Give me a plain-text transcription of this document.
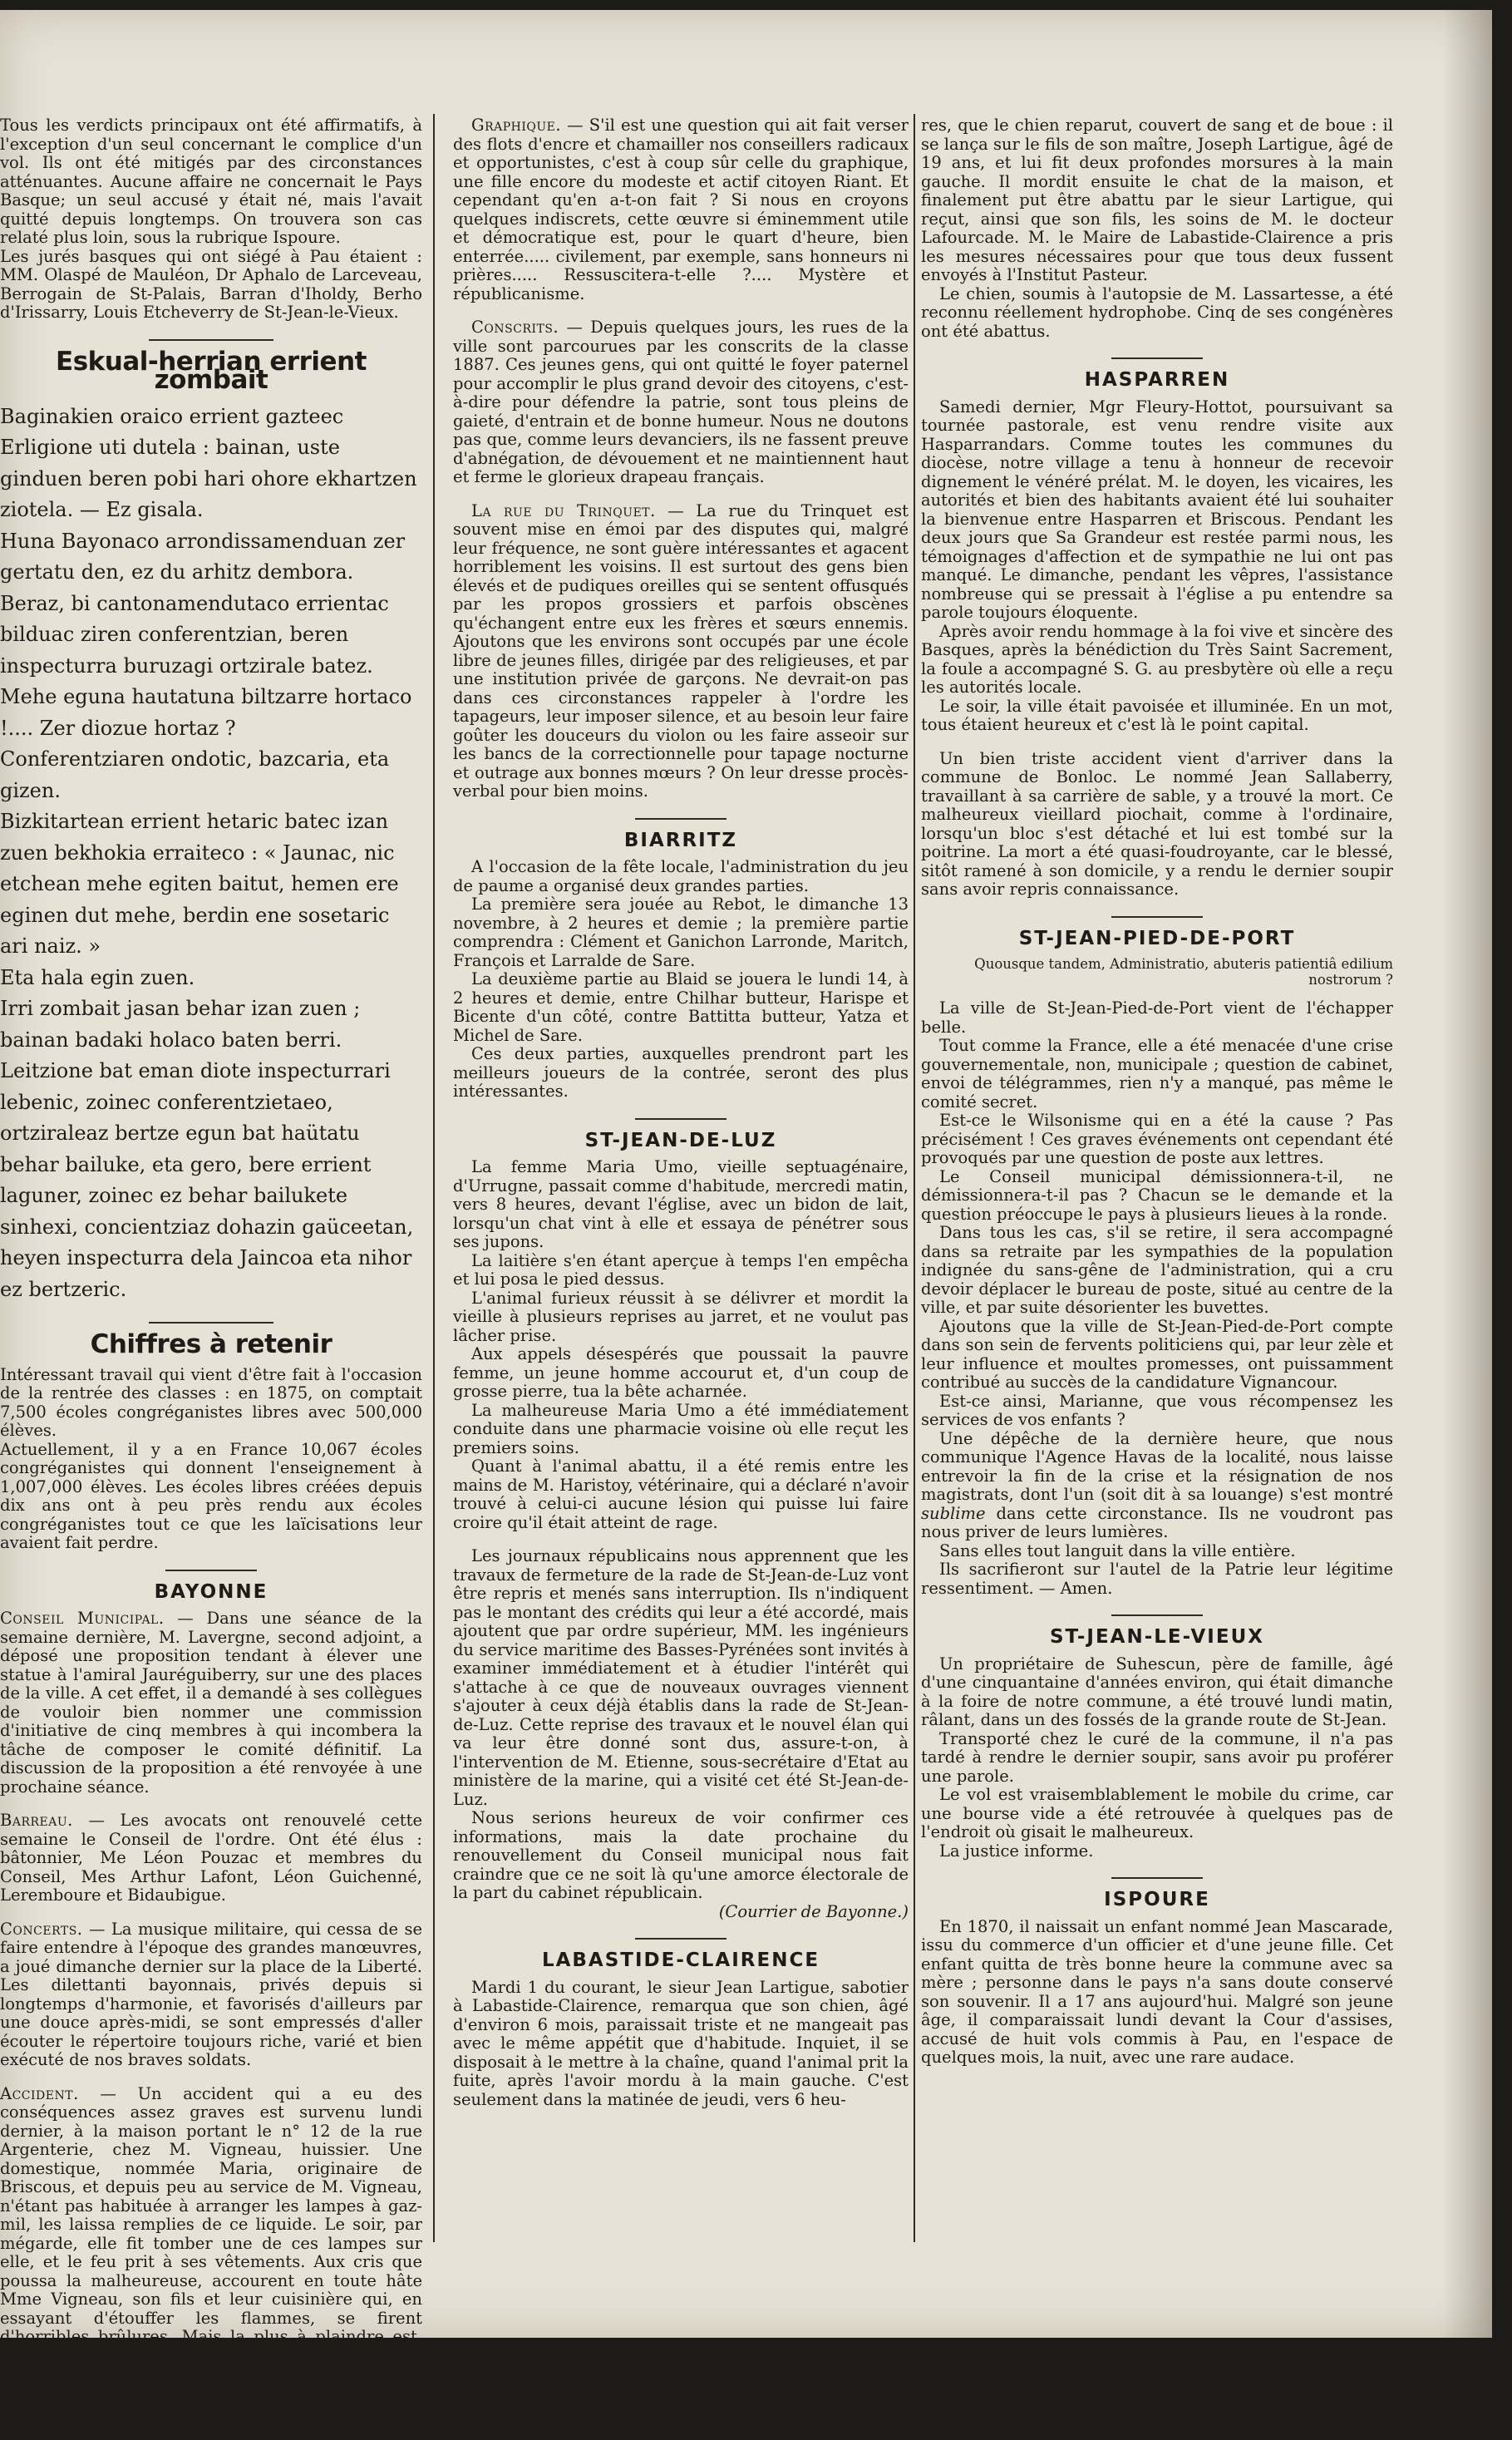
Tous les verdicts principaux ont été affirmatifs, à l'exception d'un seul concernant le complice d'un vol. Ils ont été mitigés par des circonstances atténuantes. Aucune affaire ne concernait le Pays Basque; un seul accusé y était né, mais l'avait quitté depuis longtemps. On trouvera son cas relaté plus loin, sous la rubrique Ispoure.

Les jurés basques qui ont siégé à Pau étaient : MM. Olaspé de Mauléon, Dr Aphalo de Larceveau, Berrogain de St-Palais, Barran d'Iholdy, Berho d'Irissarry, Louis Etcheverry de St-Jean-le-Vieux.

Eskual-herrian errient zombait

Baginakien oraico errient gazteec Erligione uti dutela : bainan, uste ginduen beren pobi hari ohore ekhartzen ziotela. — Ez gisala.

Huna Bayonaco arrondissamenduan zer gertatu den, ez du arhitz dembora.

Beraz, bi cantonamendutaco errientac bilduac ziren conferentzian, beren inspecturra buruzagi ortzirale batez. Mehe eguna hautatuna biltzarre hortaco !.... Zer diozue hortaz ?

Conferentziaren ondotic, bazcaria, eta gizen.

Bizkitartean errient hetaric batec izan zuen bekhokia erraiteco : « Jaunac, nic etchean mehe egiten baitut, hemen ere eginen dut mehe, berdin ene sosetaric ari naiz. »

Eta hala egin zuen.

Irri zombait jasan behar izan zuen ; bainan badaki holaco baten berri.

Leitzione bat eman diote inspecturrari lebenic, zoinec conferentzietaeo, ortziraleaz bertze egun bat haütatu behar bailuke, eta gero, bere errient laguner, zoinec ez behar bailukete sinhexi, concientziaz dohazin gaüceetan, heyen inspecturra dela Jaincoa eta nihor ez bertzeric.

Chiffres à retenir

Intéressant travail qui vient d'être fait à l'occasion de la rentrée des classes : en 1875, on comptait 7,500 écoles congréganistes libres avec 500,000 élèves.

Actuellement, il y a en France 10,067 écoles congréganistes qui donnent l'enseignement à 1,007,000 élèves. Les écoles libres créées depuis dix ans ont à peu près rendu aux écoles congréganistes tout ce que les laïcisations leur avaient fait perdre.

BAYONNE

Conseil Municipal. — Dans une séance de la semaine dernière, M. Lavergne, second adjoint, a déposé une proposition tendant à élever une statue à l'amiral Jauréguiberry, sur une des places de la ville. A cet effet, il a demandé à ses collègues de vouloir bien nommer une commission d'initiative de cinq membres à qui incombera la tâche de composer le comité définitif. La discussion de la proposition a été renvoyée à une prochaine séance.

Barreau. — Les avocats ont renouvelé cette semaine le Conseil de l'ordre. Ont été élus : bâtonnier, Me Léon Pouzac et membres du Conseil, Mes Arthur Lafont, Léon Guichenné, Leremboure et Bidaubigue.

Concerts. — La musique militaire, qui cessa de se faire entendre à l'époque des grandes manœuvres, a joué dimanche dernier sur la place de la Liberté. Les dilettanti bayonnais, privés depuis si longtemps d'harmonie, et favorisés d'ailleurs par une douce après-midi, se sont empressés d'aller écouter le répertoire toujours riche, varié et bien exécuté de nos braves soldats.

Accident. — Un accident qui a eu des conséquences assez graves est survenu lundi dernier, à la maison portant le n° 12 de la rue Argenterie, chez M. Vigneau, huissier. Une domestique, nommée Maria, originaire de Briscous, et depuis peu au service de M. Vigneau, n'étant pas habituée à arranger les lampes à gaz-mil, les laissa remplies de ce liquide. Le soir, par mégarde, elle fit tomber une de ces lampes sur elle, et le feu prit à ses vêtements. Aux cris que poussa la malheureuse, accourent en toute hâte Mme Vigneau, son fils et leur cuisinière qui, en essayant d'étouffer les flammes, se firent d'horribles brûlures. Mais la plus à plaindre est, sans contredit, la pauvre Maria qui avait les bras, les jambes, les cuisses et le bas-ventre entièrement brûlés. M. le docteur Batbedat et M. Campan ont donné leurs premiers soins aux quatre blessés. L'état de la bonne est, dit-on, désespéré.

Graphique. — S'il est une question qui ait fait verser des flots d'encre et chamailler nos conseillers radicaux et opportunistes, c'est à coup sûr celle du graphique, une fille encore du modeste et actif citoyen Riant. Et cependant qu'en a-t-on fait ? Si nous en croyons quelques indiscrets, cette œuvre si éminemment utile et démocratique est, pour le quart d'heure, bien enterrée..... civilement, par exemple, sans honneurs ni prières..... Ressuscitera-t-elle ?.... Mystère et républicanisme.

Conscrits. — Depuis quelques jours, les rues de la ville sont parcourues par les conscrits de la classe 1887. Ces jeunes gens, qui ont quitté le foyer paternel pour accomplir le plus grand devoir des citoyens, c'est-à-dire pour défendre la patrie, sont tous pleins de gaieté, d'entrain et de bonne humeur. Nous ne doutons pas que, comme leurs devanciers, ils ne fassent preuve d'abnégation, de dévouement et ne maintiennent haut et ferme le glorieux drapeau français.

La rue du Trinquet. — La rue du Trinquet est souvent mise en émoi par des disputes qui, malgré leur fréquence, ne sont guère intéressantes et agacent horriblement les voisins. Il est surtout des gens bien élevés et de pudiques oreilles qui se sentent offusqués par les propos grossiers et parfois obscènes qu'échangent entre eux les frères et sœurs ennemis. Ajoutons que les environs sont occupés par une école libre de jeunes filles, dirigée par des religieuses, et par une institution privée de garçons. Ne devrait-on pas dans ces circonstances rappeler à l'ordre les tapageurs, leur imposer silence, et au besoin leur faire goûter les douceurs du violon ou les faire asseoir sur les bancs de la correctionnelle pour tapage nocturne et outrage aux bonnes mœurs ? On leur dresse procès-verbal pour bien moins.

BIARRITZ

A l'occasion de la fête locale, l'administration du jeu de paume a organisé deux grandes parties.

La première sera jouée au Rebot, le dimanche 13 novembre, à 2 heures et demie ; la première partie comprendra : Clément et Ganichon Larronde, Maritch, François et Larralde de Sare.

La deuxième partie au Blaid se jouera le lundi 14, à 2 heures et demie, entre Chilhar butteur, Harispe et Bicente d'un côté, contre Battitta butteur, Yatza et Michel de Sare.

Ces deux parties, auxquelles prendront part les meilleurs joueurs de la contrée, seront des plus intéressantes.

ST-JEAN-DE-LUZ

La femme Maria Umo, vieille septuagénaire, d'Urrugne, passait comme d'habitude, mercredi matin, vers 8 heures, devant l'église, avec un bidon de lait, lorsqu'un chat vint à elle et essaya de pénétrer sous ses jupons.

La laitière s'en étant aperçue à temps l'en empêcha et lui posa le pied dessus.

L'animal furieux réussit à se délivrer et mordit la vieille à plusieurs reprises au jarret, et ne voulut pas lâcher prise.

Aux appels désespérés que poussait la pauvre femme, un jeune homme accourut et, d'un coup de grosse pierre, tua la bête acharnée.

La malheureuse Maria Umo a été immédiatement conduite dans une pharmacie voisine où elle reçut les premiers soins.

Quant à l'animal abattu, il a été remis entre les mains de M. Haristoy, vétérinaire, qui a déclaré n'avoir trouvé à celui-ci aucune lésion qui puisse lui faire croire qu'il était atteint de rage.

Les journaux républicains nous apprennent que les travaux de fermeture de la rade de St-Jean-de-Luz vont être repris et menés sans interruption. Ils n'indiquent pas le montant des crédits qui leur a été accordé, mais ajoutent que par ordre supérieur, MM. les ingénieurs du service maritime des Basses-Pyrénées sont invités à examiner immédiatement et à étudier l'intérêt qui s'attache à ce que de nouveaux ouvrages viennent s'ajouter à ceux déjà établis dans la rade de St-Jean-de-Luz. Cette reprise des travaux et le nouvel élan qui va leur être donné sont dus, assure-t-on, à l'intervention de M. Etienne, sous-secrétaire d'Etat au ministère de la marine, qui a visité cet été St-Jean-de-Luz.

Nous serions heureux de voir confirmer ces informations, mais la date prochaine du renouvellement du Conseil municipal nous fait craindre que ce ne soit là qu'une amorce électorale de la part du cabinet républicain.

(Courrier de Bayonne.)
LABASTIDE-CLAIRENCE

Mardi 1 du courant, le sieur Jean Lartigue, sabotier à Labastide-Clairence, remarqua que son chien, âgé d'environ 6 mois, paraissait triste et ne mangeait pas avec le même appétit que d'habitude. Inquiet, il se disposait à le mettre à la chaîne, quand l'animal prit la fuite, après l'avoir mordu à la main gauche. C'est seulement dans la matinée de jeudi, vers 6 heu-

res, que le chien reparut, couvert de sang et de boue : il se lança sur le fils de son maître, Joseph Lartigue, âgé de 19 ans, et lui fit deux profondes morsures à la main gauche. Il mordit ensuite le chat de la maison, et finalement put être abattu par le sieur Lartigue, qui reçut, ainsi que son fils, les soins de M. le docteur Lafourcade. M. le Maire de Labastide-Clairence a pris les mesures nécessaires pour que tous deux fussent envoyés à l'Institut Pasteur.

Le chien, soumis à l'autopsie de M. Lassartesse, a été reconnu réellement hydrophobe. Cinq de ses congénères ont été abattus.

HASPARREN

Samedi dernier, Mgr Fleury-Hottot, poursuivant sa tournée pastorale, est venu rendre visite aux Hasparrandars. Comme toutes les communes du diocèse, notre village a tenu à honneur de recevoir dignement le vénéré prélat. M. le doyen, les vicaires, les autorités et bien des habitants avaient été lui souhaiter la bienvenue entre Hasparren et Briscous. Pendant les deux jours que Sa Grandeur est restée parmi nous, les témoignages d'affection et de sympathie ne lui ont pas manqué. Le dimanche, pendant les vêpres, l'assistance nombreuse qui se pressait à l'église a pu entendre sa parole toujours éloquente.

Après avoir rendu hommage à la foi vive et sincère des Basques, après la bénédiction du Très Saint Sacrement, la foule a accompagné S. G. au presbytère où elle a reçu les autorités locale.

Le soir, la ville était pavoisée et illuminée. En un mot, tous étaient heureux et c'est là le point capital.

Un bien triste accident vient d'arriver dans la commune de Bonloc. Le nommé Jean Sallaberry, travaillant à sa carrière de sable, y a trouvé la mort. Ce malheureux vieillard piochait, comme à l'ordinaire, lorsqu'un bloc s'est détaché et lui est tombé sur la poitrine. La mort a été quasi-foudroyante, car le blessé, sitôt ramené à son domicile, y a rendu le dernier soupir sans avoir repris connaissance.

ST-JEAN-PIED-DE-PORT
Quousque tandem, Administratio, abuteris patientiâ edilium nostrorum ?

La ville de St-Jean-Pied-de-Port vient de l'échapper belle.

Tout comme la France, elle a été menacée d'une crise gouvernementale, non, municipale ; question de cabinet, envoi de télégrammes, rien n'y a manqué, pas même le comité secret.

Est-ce le Wilsonisme qui en a été la cause ? Pas précisément ! Ces graves événements ont cependant été provoqués par une question de poste aux lettres.

Le Conseil municipal démissionnera-t-il, ne démissionnera-t-il pas ? Chacun se le demande et la question préoccupe le pays à plusieurs lieues à la ronde.

Dans tous les cas, s'il se retire, il sera accompagné dans sa retraite par les sympathies de la population indignée du sans-gêne de l'administration, qui a cru devoir déplacer le bureau de poste, situé au centre de la ville, et par suite désorienter les buvettes.

Ajoutons que la ville de St-Jean-Pied-de-Port compte dans son sein de fervents politiciens qui, par leur zèle et leur influence et moultes promesses, ont puissamment contribué au succès de la candidature Vignancour.

Est-ce ainsi, Marianne, que vous récompensez les services de vos enfants ?

Une dépêche de la dernière heure, que nous communique l'Agence Havas de la localité, nous laisse entrevoir la fin de la crise et la résignation de nos magistrats, dont l'un (soit dit à sa louange) s'est montré sublime dans cette circonstance. Ils ne voudront pas nous priver de leurs lumières.

Sans elles tout languit dans la ville entière.

Ils sacrifieront sur l'autel de la Patrie leur légitime ressentiment. — Amen.

ST-JEAN-LE-VIEUX

Un propriétaire de Suhescun, père de famille, âgé d'une cinquantaine d'années environ, qui était dimanche à la foire de notre commune, a été trouvé lundi matin, râlant, dans un des fossés de la grande route de St-Jean.

Transporté chez le curé de la commune, il n'a pas tardé à rendre le dernier soupir, sans avoir pu proférer une parole.

Le vol est vraisemblablement le mobile du crime, car une bourse vide a été retrouvée à quelques pas de l'endroit où gisait le malheureux.

La justice informe.

ISPOURE

En 1870, il naissait un enfant nommé Jean Mascarade, issu du commerce d'un officier et d'une jeune fille. Cet enfant quitta de très bonne heure la commune avec sa mère ; personne dans le pays n'a sans doute conservé son souvenir. Il a 17 ans aujourd'hui. Malgré son jeune âge, il comparaissait lundi devant la Cour d'assises, accusé de huit vols commis à Pau, en l'espace de quelques mois, la nuit, avec une rare audace.
